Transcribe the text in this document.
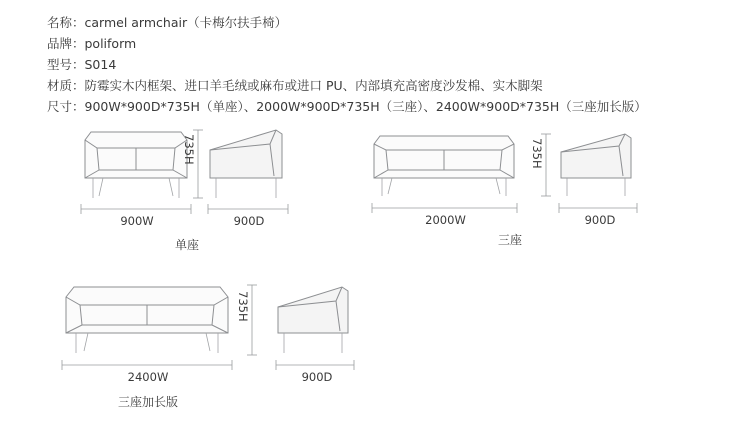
名称：carmel armchair（卡梅尔扶手椅）
品牌：poliform
型号：S014
材质：防霉实木内框架、进口羊毛绒或麻布或进口 PU、内部填充高密度沙发棉、实木脚架
尺寸：900W*900D*735H（单座）、2000W*900D*735H（三座）、2400W*900D*735H（三座加长版）
900W	900D
735H
单座
2000W	900D
735H
三座
2400W	900D
735H
三座加长版
